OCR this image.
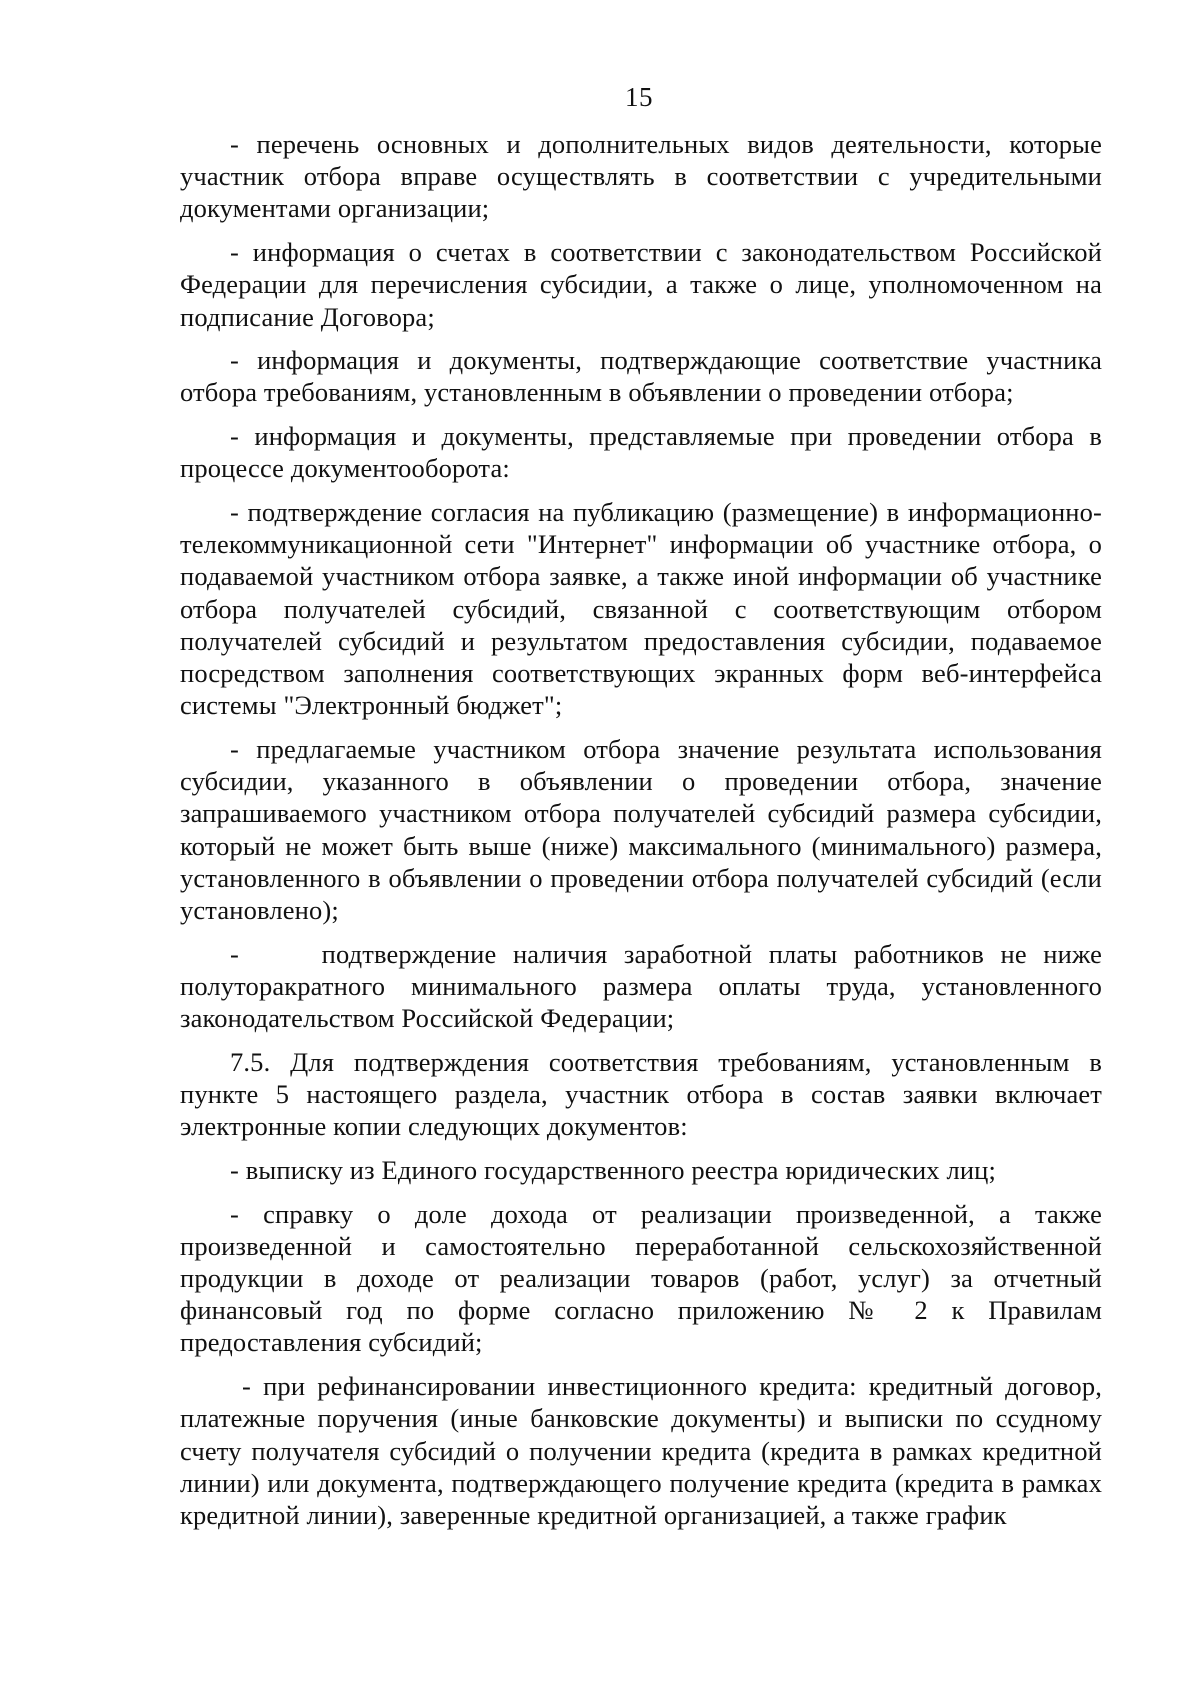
15

- перечень основных и дополнительных видов деятельности, которые участник отбора вправе осуществлять в соответствии с учредительными документами организации;

- информация о счетах в соответствии с законодательством Российской Федерации для перечисления субсидии, а также о лице, уполномоченном на подписание Договора;

- информация и документы, подтверждающие соответствие участника отбора требованиям, установленным в объявлении о проведении отбора;

- информация и документы, представляемые при проведении отбора в процессе документооборота:

- подтверждение согласия на публикацию (размещение) в информационно-телекоммуникационной сети "Интернет" информации об участнике отбора, о подаваемой участником отбора заявке, а также иной информации об участнике отбора получателей субсидий, связанной с соответствующим отбором получателей субсидий и результатом предоставления субсидии, подаваемое посредством заполнения соответствующих экранных форм веб-интерфейса системы "Электронный бюджет";

- предлагаемые участником отбора значение результата использования субсидии, указанного в объявлении о проведении отбора, значение запрашиваемого участником отбора получателей субсидий размера субсидии, который не может быть выше (ниже) максимального (минимального) размера, установленного в объявлении о проведении отбора получателей субсидий (если установлено);

-     подтверждение наличия заработной платы работников не ниже полуторакратного минимального размера оплаты труда, установленного законодательством Российской Федерации;

7.5. Для подтверждения соответствия требованиям, установленным в пункте 5 настоящего раздела, участник отбора в состав заявки включает электронные копии следующих документов:

- выписку из Единого государственного реестра юридических лиц;

- справку о доле дохода от реализации произведенной, а также произведенной и самостоятельно переработанной сельскохозяйственной продукции в доходе от реализации товаров (работ, услуг) за отчетный финансовый год по форме согласно приложению № 2 к Правилам предоставления субсидий;

- при рефинансировании инвестиционного кредита: кредитный договор, платежные поручения (иные банковские документы) и выписки по ссудному счету получателя субсидий о получении кредита (кредита в рамках кредитной линии) или документа, подтверждающего получение кредита (кредита в рамках кредитной линии), заверенные кредитной организацией, а также график
